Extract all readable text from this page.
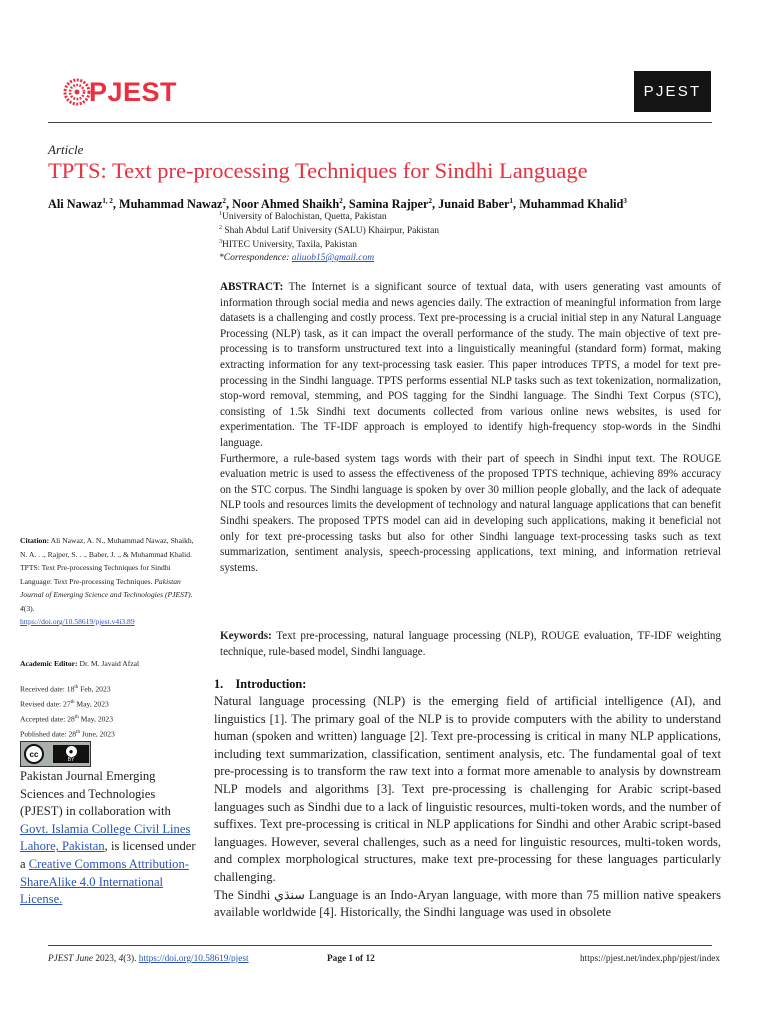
PJEST	PJEST
Article
TPTS: Text pre-processing Techniques for Sindhi Language
Ali Nawaz$^{1, 2}$, Muhammad Nawaz$^2$, Noor Ahmed Shaikh$^2$, Samina Rajper$^2$, Junaid Baber$^1$, Muhammad Khalid$^3$
$^1$University of Balochistan, Quetta, Pakistan
$^2$ Shah Abdul Latif University (SALU) Khairpur, Pakistan
$^3$HITEC University, Taxila, Pakistan
*Correspondence: aliuob15@gmail.com

ABSTRACT: The Internet is a significant source of textual data, with users generating vast amounts of information through social media and news agencies daily. The extraction of meaningful information from large datasets is a challenging and costly process. Text pre-processing is a crucial initial step in any Natural Language Processing (NLP) task, as it can impact the overall performance of the study. The main objective of text pre-processing is to transform unstructured text into a linguistically meaningful (standard form) format, making extracting information for any text-processing task easier. This paper introduces TPTS, a model for text pre-processing in the Sindhi language. TPTS performs essential NLP tasks such as text tokenization, normalization, stop-word removal, stemming, and POS tagging for the Sindhi language. The Sindhi Text Corpus (STC), consisting of 1.5k Sindhi text documents collected from various online news websites, is used for experimentation. The TF-IDF approach is employed to identify high-frequency stop-words in the Sindhi language.

Furthermore, a rule-based system tags words with their part of speech in Sindhi input text. The ROUGE evaluation metric is used to assess the effectiveness of the proposed TPTS technique, achieving 89% accuracy on the STC corpus. The Sindhi language is spoken by over 30 million people globally, and the lack of adequate NLP tools and resources limits the development of technology and natural language applications that can benefit Sindhi speakers. The proposed TPTS model can aid in developing such applications, making it beneficial not only for text pre-processing tasks but also for other Sindhi language text-processing tasks such as text summarization, sentiment analysis, speech-processing applications, text mining, and information retrieval systems.

Keywords: Text pre-processing, natural language processing (NLP), ROUGE evaluation, TF-IDF weighting technique, rule-based model, Sindhi language.
Citation: Ali Nawaz, A. N., Muhammad Nawaz, Shaikh, N. A. . ., Rajper, S. . ., Baber, J. ., & Muhammad Khalid. TPTS: Text Pre-processing Techniques for Sindhi Language: Text Pre-processing Techniques. Pakistan Journal of Emerging Science and Technologies (PJEST). 4(3).
https://doi.org/10.58619/pjest.v4i3.89
Academic Editor: Dr. M. Javaid Afzal
Received date: 18th Feb, 2023
Revised date: 27th May, 2023
Accepted date: 28th May, 2023
Published date: 28th June, 2023
cc	●
BY
Pakistan Journal Emerging Sciences and Technologies (PJEST) in collaboration with Govt. Islamia College Civil Lines Lahore, Pakistan, is licensed under a Creative Commons Attribution-ShareAlike 4.0 International License.
1.    Introduction:

Natural language processing (NLP) is the emerging field of artificial intelligence (AI), and linguistics [1]. The primary goal of the NLP is to provide computers with the ability to understand human (spoken and written) language [2]. Text pre-processing is critical in many NLP applications, including text summarization, classification, sentiment analysis, etc. The fundamental goal of text pre-processing is to transform the raw text into a format more amenable to analysis by downstream NLP models and algorithms [3]. Text pre-processing is challenging for Arabic script-based languages such as Sindhi due to a lack of linguistic resources, multi-token words, and the number of suffixes. Text pre-processing is critical in NLP applications for Sindhi and other Arabic script-based languages. However, several challenges, such as a need for linguistic resources, multi-token words, and complex morphological structures, make text pre-processing for these languages particularly challenging.

The Sindhi سنڌي Language is an Indo-Aryan language, with more than 75 million native speakers available worldwide [4]. Historically, the Sindhi language was used in obsolete

PJEST June 2023, 4(3). https://doi.org/10.58619/pjest	Page 1 of 12	https://pjest.net/index.php/pjest/index
